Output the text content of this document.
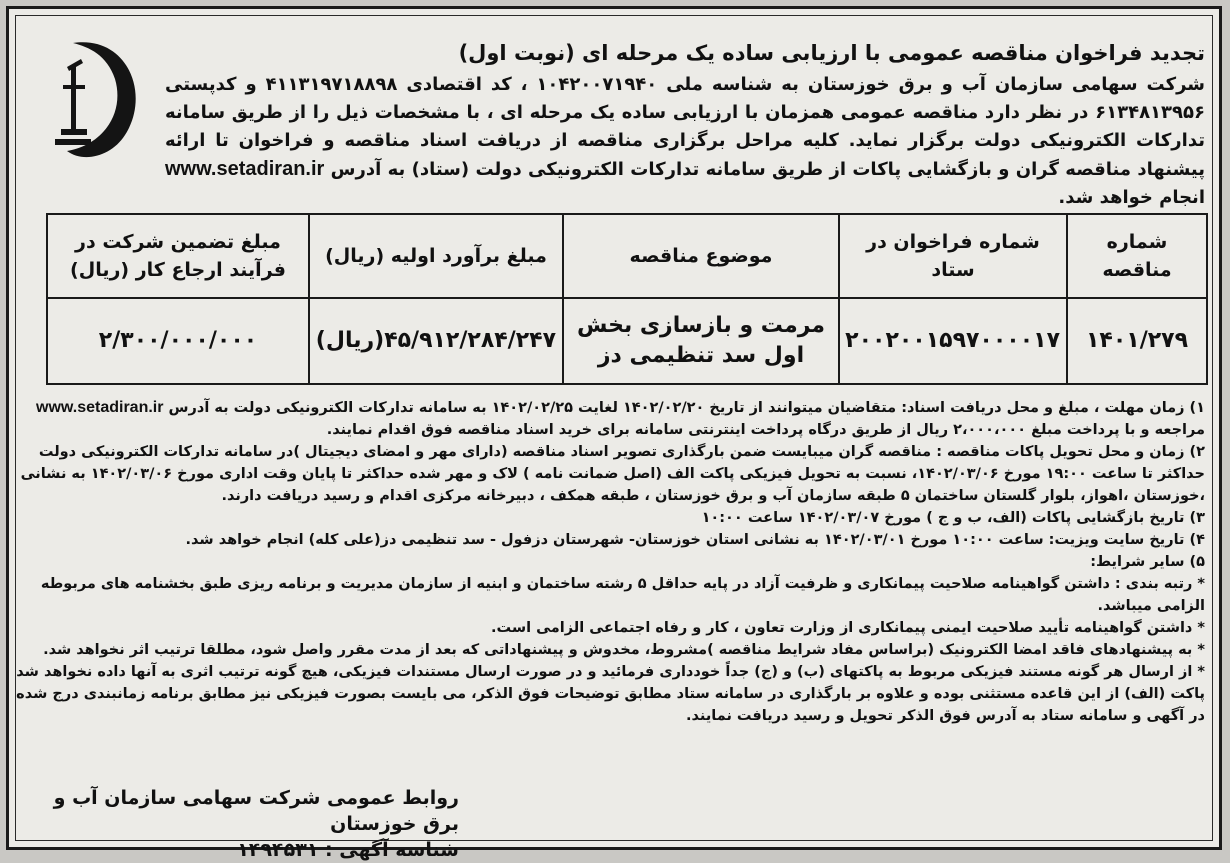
تجدید فراخوان مناقصه عمومی با ارزیابی ساده یک مرحله ای (نوبت اول)
شرکت سهامی سازمان آب و برق خوزستان به شناسه ملی ۱۰۴۲۰۰۷۱۹۴۰ ، کد اقتصادی ۴۱۱۳۱۹۷۱۸۸۹۸ و کدپستی ۶۱۳۴۸۱۳۹۵۶ در نظر دارد مناقصه عمومی همزمان با ارزیابی ساده یک مرحله ای ، با مشخصات ذیل را از طریق سامانه تدارکات الکترونیکی دولت برگزار نماید. کلیه مراحل برگزاری مناقصه از دریافت اسناد مناقصه و فراخوان تا ارائه پیشنهاد مناقصه گران و بازگشایی پاکات از طریق سامانه تدارکات الکترونیکی دولت (ستاد) به آدرس www.setadiran.ir انجام خواهد شد.
شماره مناقصه	شماره فراخوان در ستاد	موضوع مناقصه	مبلغ برآورد اولیه (ریال)	مبلغ تضمین شرکت در فرآیند ارجاع کار (ریال)
۱۴۰۱/۲۷۹	۲۰۰۲۰۰۱۵۹۷۰۰۰۰۱۷	مرمت و بازسازی بخش اول سد تنظیمی دز	۴۵/۹۱۲/۲۸۴/۲۴۷(ریال)	۲/۳۰۰/۰۰۰/۰۰۰

۱) زمان مهلت ، مبلغ و محل دریافت اسناد: متقاضیان میتوانند از تاریخ ۱۴۰۲/۰۲/۲۰ لغایت ۱۴۰۲/۰۲/۲۵ به سامانه تدارکات الکترونیکی دولت به آدرس www.setadiran.ir مراجعه و با پرداخت مبلغ ۲،۰۰۰،۰۰۰ ریال از طریق درگاه پرداخت اینترنتی سامانه برای خرید اسناد مناقصه فوق اقدام نمایند.

۲) زمان و محل تحویل پاکات مناقصه : مناقصه گران میبایست ضمن بارگذاری تصویر اسناد مناقصه (دارای مهر و امضای دیجیتال )در سامانه تدارکات الکترونیکی دولت حداکثر تا ساعت ۱۹:۰۰ مورخ ۱۴۰۲/۰۳/۰۶، نسبت به تحویل فیزیکی پاکت الف (اصل ضمانت نامه ) لاک و مهر شده حداکثر تا پایان وقت اداری مورخ ۱۴۰۲/۰۳/۰۶ به نشانی ،خوزستان ،اهواز، بلوار گلستان ساختمان ۵ طبقه سازمان آب و برق خوزستان ، طبقه همکف ، دبیرخانه مرکزی اقدام و رسید دریافت دارند.

۳) تاریخ بازگشایی پاکات (الف، ب و ج ) مورخ ۱۴۰۲/۰۳/۰۷ ساعت ۱۰:۰۰

۴) تاریخ سایت ویزیت: ساعت ۱۰:۰۰ مورخ ۱۴۰۲/۰۳/۰۱ به نشانی استان خوزستان- شهرستان دزفول - سد تنظیمی دز(علی کله) انجام خواهد شد.

۵) سایر شرایط:

* رتبه بندی : داشتن گواهینامه صلاحیت پیمانکاری و ظرفیت آزاد در پایه حداقل ۵ رشته ساختمان و ابنیه از سازمان مدیریت و برنامه ریزی طبق بخشنامه های مربوطه الزامی میباشد.

* داشتن گواهینامه تأیید صلاحیت ایمنی پیمانکاری از وزارت تعاون ، کار و رفاه اجتماعی الزامی است.

* به پیشنهادهای فاقد امضا الکترونیک (براساس مفاد شرایط مناقصه )مشروط، مخدوش و پیشنهاداتی که بعد از مدت مقرر واصل شود، مطلقا ترتیب اثر نخواهد شد.

* از ارسال هر گونه مستند فیزیکی مربوط به پاکتهای (ب) و (ج) جداً خودداری فرمائید و در صورت ارسال مستندات فیزیکی، هیچ گونه ترتیب اثری به آنها داده نخواهد شد پاکت (الف) از این قاعده مستثنی بوده و علاوه بر بارگذاری در سامانه ستاد مطابق توضیحات فوق الذکر، می بایست بصورت فیزیکی نیز مطابق برنامه زمانبندی درج شده در آگهی و سامانه ستاد به آدرس فوق الذکر تحویل و رسید دریافت نمایند.

روابط عمومی شرکت سهامی سازمان آب و برق خوزستان
شناسه آگهی : ۱۴۹۴۵۳۱
